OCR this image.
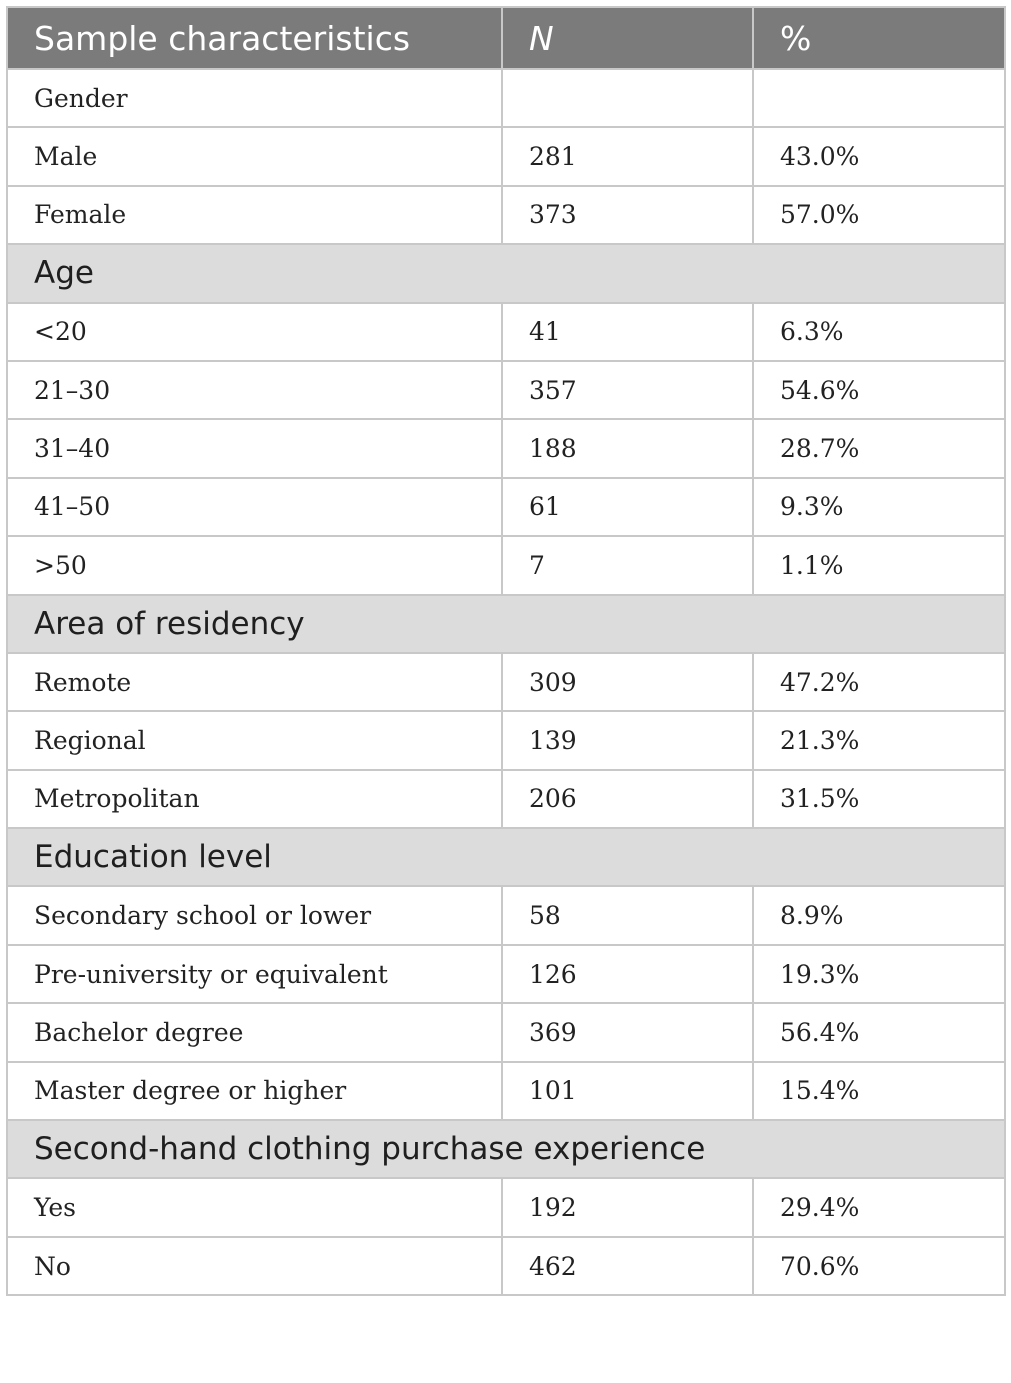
Sample characteristics	N	%
Gender		
Male	281	43.0%
Female	373	57.0%
Age		
<20	41	6.3%
21–30	357	54.6%
31–40	188	28.7%
41–50	61	9.3%
>50	7	1.1%
Area of residency		
Remote	309	47.2%
Regional	139	21.3%
Metropolitan	206	31.5%
Education level		
Secondary school or lower	58	8.9%
Pre-university or equivalent	126	19.3%
Bachelor degree	369	56.4%
Master degree or higher	101	15.4%
Second-hand clothing purchase experience		
Yes	192	29.4%
No	462	70.6%
